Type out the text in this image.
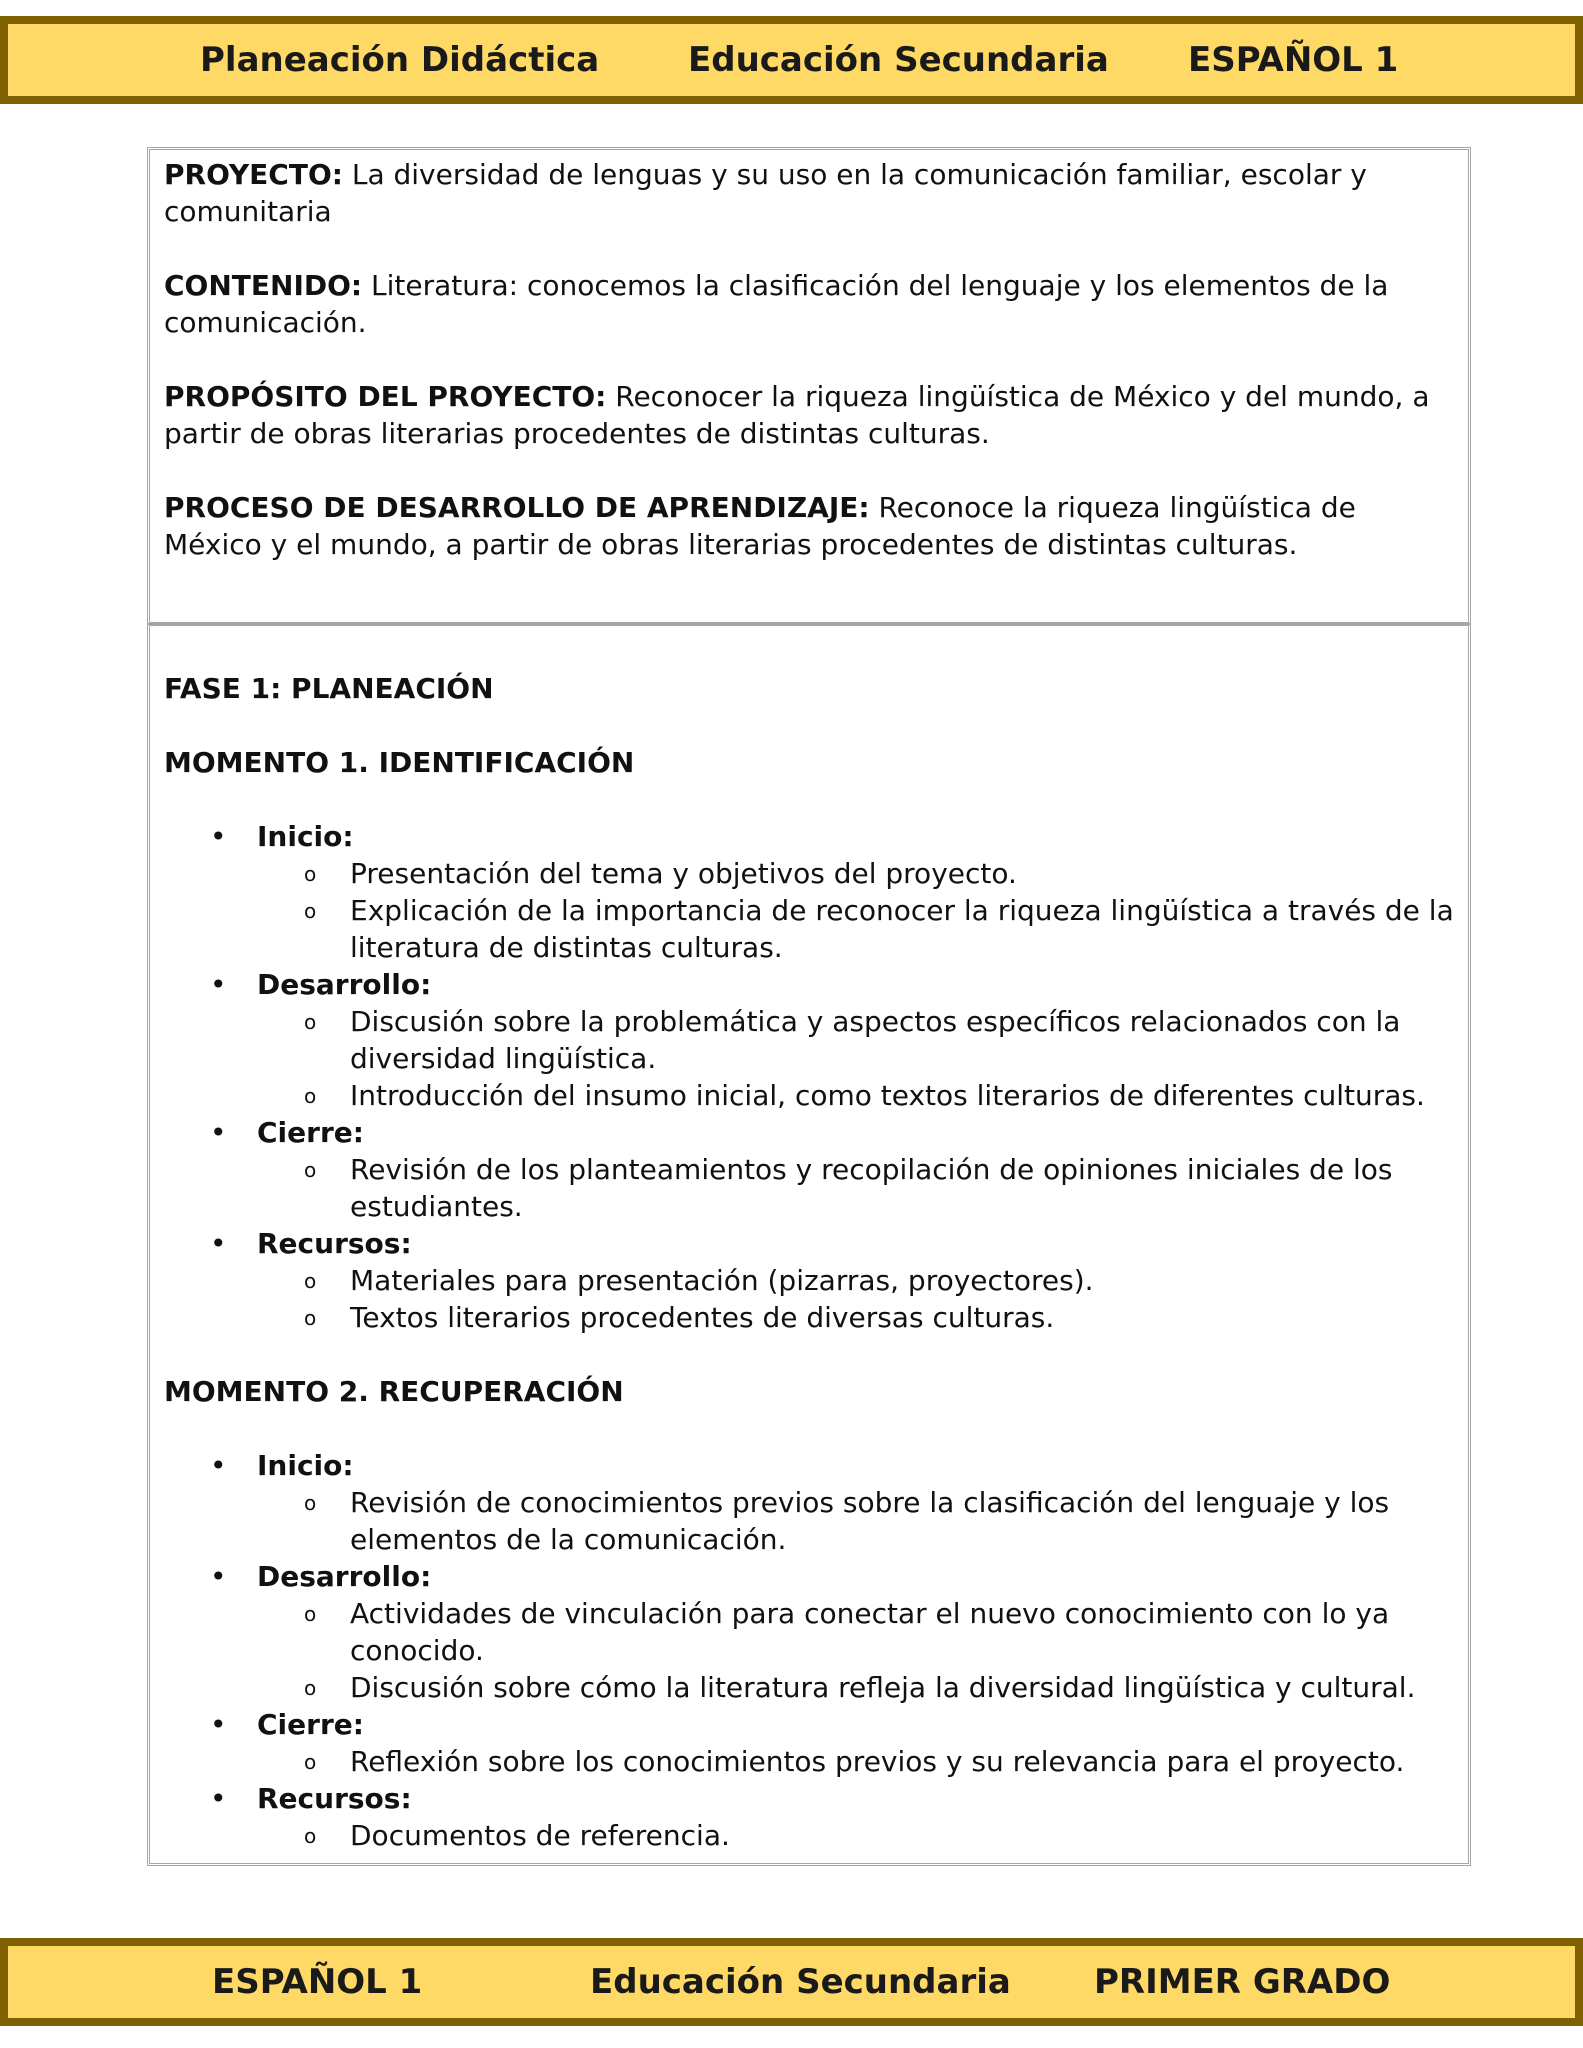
Planeación Didáctica	Educación Secundaria ESPAÑOL 1

PROYECTO: La diversidad de lenguas y su uso en la comunicación familiar, escolar y comunitaria

CONTENIDO: Literatura: conocemos la clasificación del lenguaje y los elementos de la comunicación.

PROPÓSITO DEL PROYECTO: Reconocer la riqueza lingüística de México y del mundo, a partir de obras literarias procedentes de distintas culturas.

PROCESO DE DESARROLLO DE APRENDIZAJE: Reconoce la riqueza lingüística de México y el mundo, a partir de obras literarias procedentes de distintas culturas.

FASE 1: PLANEACIÓN
MOMENTO 1. IDENTIFICACIÓN
• Inicio:
o Presentación del tema y objetivos del proyecto.
o Explicación de la importancia de reconocer la riqueza lingüística a través de la literatura de distintas culturas.
• Desarrollo:
o Discusión sobre la problemática y aspectos específicos relacionados con la diversidad lingüística.
o Introducción del insumo inicial, como textos literarios de diferentes culturas.
• Cierre:
o Revisión de los planteamientos y recopilación de opiniones iniciales de los estudiantes.
• Recursos:
o Materiales para presentación (pizarras, proyectores).
o Textos literarios procedentes de diversas culturas.
MOMENTO 2. RECUPERACIÓN
• Inicio:
o Revisión de conocimientos previos sobre la clasificación del lenguaje y los elementos de la comunicación.
• Desarrollo:
o Actividades de vinculación para conectar el nuevo conocimiento con lo ya conocido.
o Discusión sobre cómo la literatura refleja la diversidad lingüística y cultural.
• Cierre:
o Reflexión sobre los conocimientos previos y su relevancia para el proyecto.
• Recursos:
o Documentos de referencia.
ESPAÑOL 1	Educación Secundaria PRIMER GRADO
